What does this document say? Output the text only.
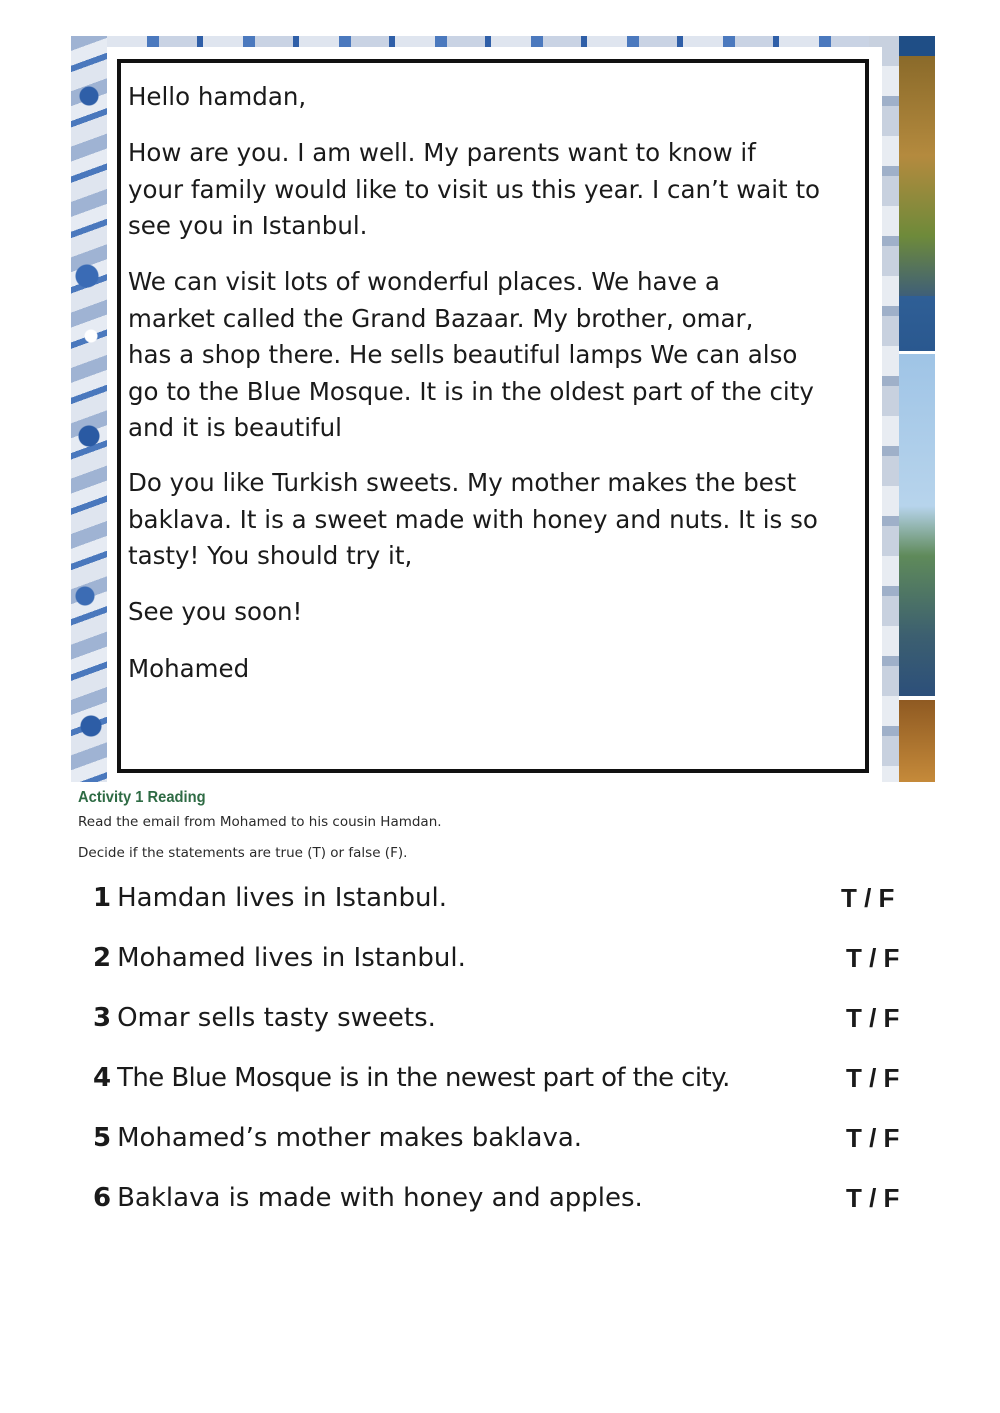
Hello hamdan,

How are you. I am well. My parents want to know if
your family would like to visit us this year. I can’t wait to
see you in Istanbul.

We can visit lots of wonderful places. We have a
market called the Grand Bazaar. My brother, omar,
has a shop there. He sells beautiful lamps We can also
go to the Blue Mosque. It is in the oldest part of the city
and it is beautiful

Do you like Turkish sweets. My mother makes the best
baklava. It is a sweet made with honey and nuts. It is so
tasty! You should try it,

See you soon!

Mohamed

Activity 1 Reading
Read the email from Mohamed to his cousin Hamdan.
Decide if the statements are true (T) or false (F).
1 Hamdan lives in Istanbul.	T / F
2 Mohamed lives in Istanbul.	T / F
3 Omar sells tasty sweets.	T / F
4 The Blue Mosque is in the newest part of the city.	T / F
5 Mohamed’s mother makes baklava.	T / F
6 Baklava is made with honey and apples.	T / F
